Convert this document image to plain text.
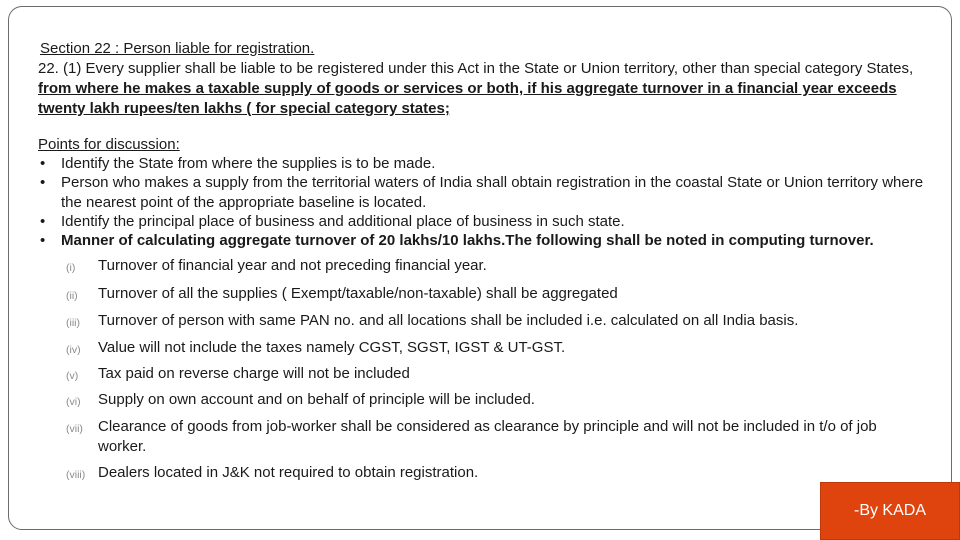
Section 22 : Person liable for registration.
22. (1) Every supplier shall be liable to be registered under this Act in the State or Union territory, other than special category States, from where he makes a taxable supply of goods or services or both, if his aggregate turnover in a financial year exceeds twenty lakh rupees/ten lakhs ( for special category states;
Points for discussion:
• Identify the State from where the supplies is to be made.
• Person who makes a supply from the territorial waters of India shall obtain registration in the coastal State or Union territory where the nearest point of the appropriate baseline is located.
• Identify the principal place of business and additional place of business in such state.
• Manner of calculating aggregate turnover of 20 lakhs/10 lakhs.The following shall be noted in computing turnover.
(i)	Turnover of financial year and not preceding financial year.
(ii)	Turnover of all the supplies ( Exempt/taxable/non-taxable) shall be aggregated
(iii)	Turnover of person with same PAN no. and all locations shall be included i.e. calculated on all India basis.
(iv)	Value will not include the taxes namely CGST, SGST, IGST & UT-GST.
(v)	Tax paid on reverse charge will not be included
(vi)	Supply on own account and on behalf of principle will be included.
(vii)	Clearance of goods from job-worker shall be considered as clearance by principle and will not be included in t/o of job worker.
(viii) Dealers located in J&K not required to obtain registration.
-By KADA
